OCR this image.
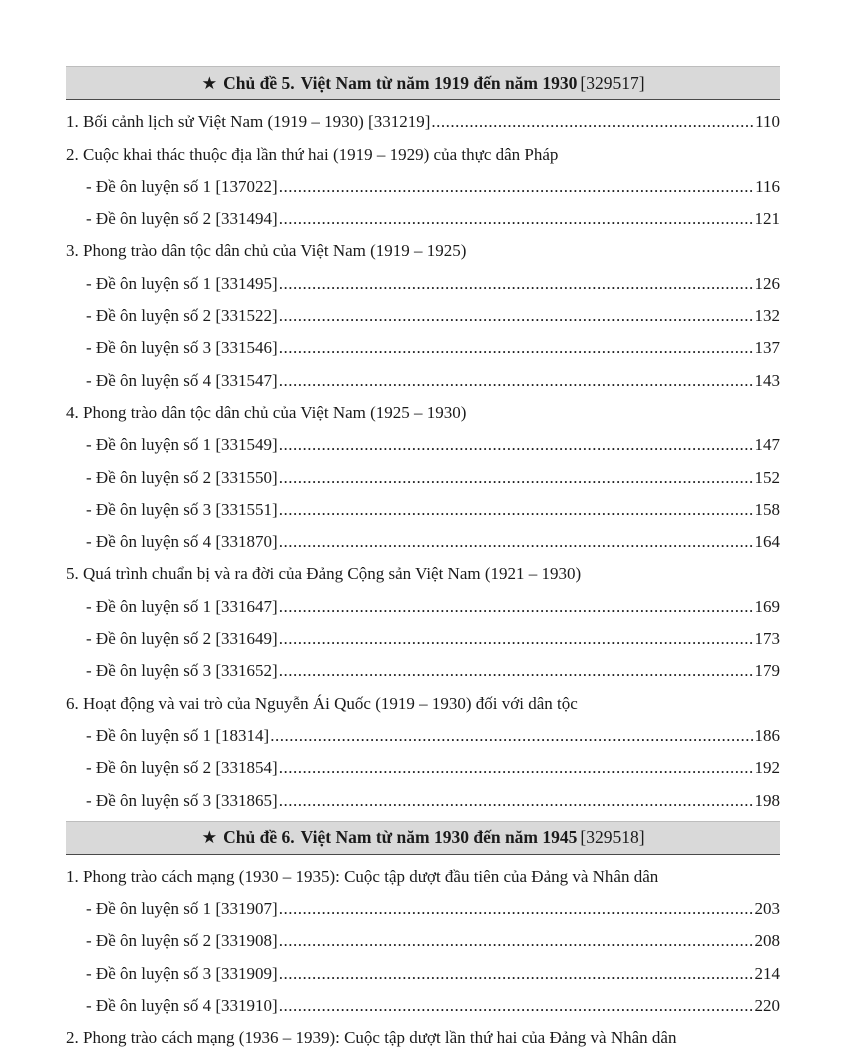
★ Chủ đề 5. Việt Nam từ năm 1919 đến năm 1930 [329517]
1. Bối cảnh lịch sử Việt Nam (1919 – 1930) [331219] .....	110
2. Cuộc khai thác thuộc địa lần thứ hai (1919 – 1929) của thực dân Pháp
- Đề ôn luyện số 1 [137022] .....	116
- Đề ôn luyện số 2 [331494] .....	121
3. Phong trào dân tộc dân chủ của Việt Nam (1919 – 1925)
- Đề ôn luyện số 1 [331495] .....	126
- Đề ôn luyện số 2 [331522] .....	132
- Đề ôn luyện số 3 [331546] .....	137
- Đề ôn luyện số 4 [331547] .....	143
4. Phong trào dân tộc dân chủ của Việt Nam (1925 – 1930)
- Đề ôn luyện số 1 [331549] .....	147
- Đề ôn luyện số 2 [331550] .....	152
- Đề ôn luyện số 3 [331551] .....	158
- Đề ôn luyện số 4 [331870] .....	164
5. Quá trình chuẩn bị và ra đời của Đảng Cộng sản Việt Nam (1921 – 1930)
- Đề ôn luyện số 1 [331647] .....	169
- Đề ôn luyện số 2 [331649] .....	173
- Đề ôn luyện số 3 [331652] .....	179
6. Hoạt động và vai trò của Nguyễn Ái Quốc (1919 – 1930) đối với dân tộc
- Đề ôn luyện số 1 [18314] .....	186
- Đề ôn luyện số 2 [331854] .....	192
- Đề ôn luyện số 3 [331865] .....	198
★ Chủ đề 6. Việt Nam từ năm 1930 đến năm 1945 [329518]
1. Phong trào cách mạng (1930 – 1935): Cuộc tập dượt đầu tiên của Đảng và Nhân dân
- Đề ôn luyện số 1 [331907] .....	203
- Đề ôn luyện số 2 [331908] .....	208
- Đề ôn luyện số 3 [331909] .....	214
- Đề ôn luyện số 4 [331910] .....	220
2. Phong trào cách mạng (1936 – 1939): Cuộc tập dượt lần thứ hai của Đảng và Nhân dân
